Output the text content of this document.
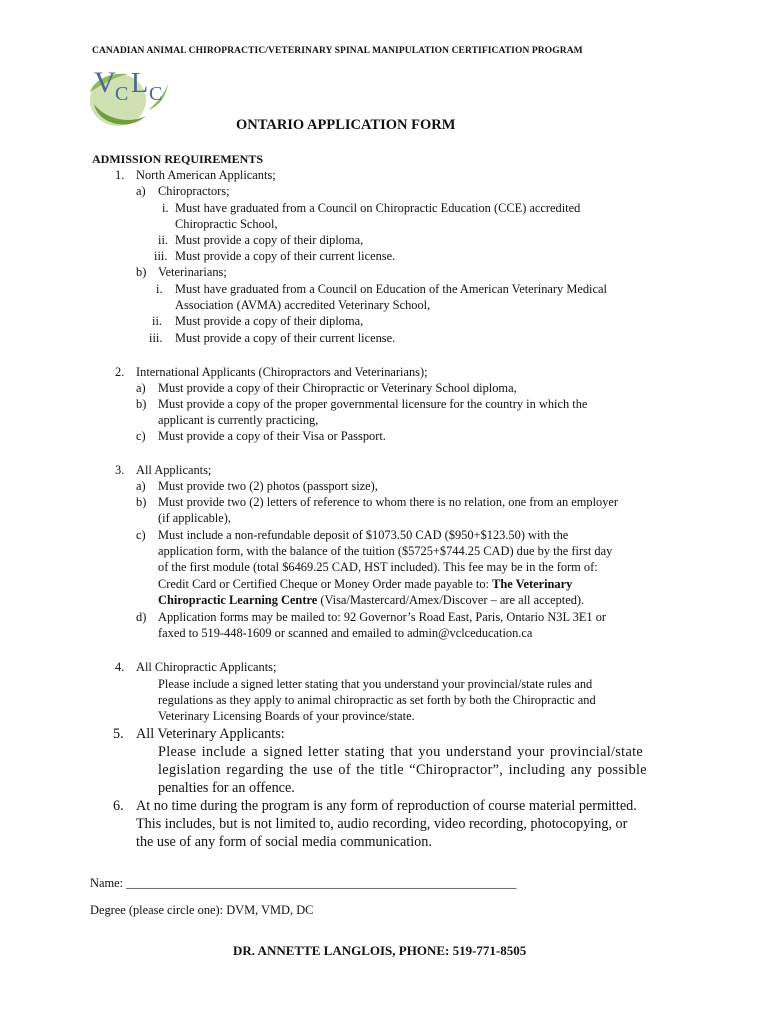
CANADIAN ANIMAL CHIROPRACTIC/VETERINARY SPINAL MANIPULATION CERTIFICATION PROGRAM
V C L C
ONTARIO APPLICATION FORM
ADMISSION REQUIREMENTS
1. North American Applicants;
a) Chiropractors;
i. Must have graduated from a Council on Chiropractic Education (CCE) accredited
Chiropractic School,
ii. Must provide a copy of their diploma,
iii. Must provide a copy of their current license.
b) Veterinarians;
i. Must have graduated from a Council on Education of the American Veterinary Medical
Association (AVMA) accredited Veterinary School,
ii. Must provide a copy of their diploma,
iii. Must provide a copy of their current license.
2. International Applicants (Chiropractors and Veterinarians);
a) Must provide a copy of their Chiropractic or Veterinary School diploma,
b) Must provide a copy of the proper governmental licensure for the country in which the
applicant is currently practicing,
c) Must provide a copy of their Visa or Passport.
3. All Applicants;
a) Must provide two (2) photos (passport size),
b) Must provide two (2) letters of reference to whom there is no relation, one from an employer
(if applicable),
c) Must include a non-refundable deposit of $1073.50 CAD ($950+$123.50) with the
application form, with the balance of the tuition ($5725+$744.25 CAD) due by the first day
of the first module (total $6469.25 CAD, HST included). This fee may be in the form of:
Credit Card or Certified Cheque or Money Order made payable to: The Veterinary
Chiropractic Learning Centre (Visa/Mastercard/Amex/Discover – are all accepted).
d) Application forms may be mailed to: 92 Governor’s Road East, Paris, Ontario N3L 3E1 or
faxed to 519-448-1609 or scanned and emailed to admin@vclceducation.ca
4. All Chiropractic Applicants;
Please include a signed letter stating that you understand your provincial/state rules and
regulations as they apply to animal chiropractic as set forth by both the Chiropractic and
Veterinary Licensing Boards of your province/state.
5. All Veterinary Applicants:
Please include a signed letter stating that you understand your provincial/state
legislation regarding the use of the title “Chiropractor”, including any possible
penalties for an offence.
6. At no time during the program is any form of reproduction of course material permitted.
This includes, but is not limited to, audio recording, video recording, photocopying, or
the use of any form of social media communication.
Name: _______________________________________________________________
Degree (please circle one): DVM, VMD, DC
DR. ANNETTE LANGLOIS, PHONE: 519-771-8505
